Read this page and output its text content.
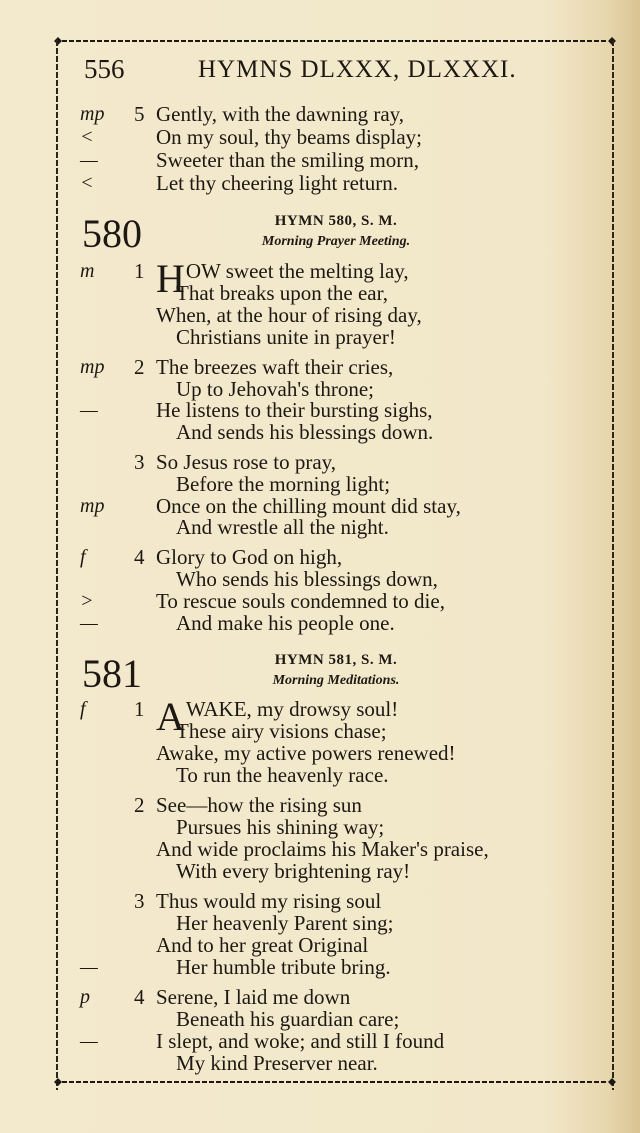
556	HYMNS DLXXX, DLXXXI.
mp	5 Gently, with the dawning ray,
<	On my soul, thy beams display;
—	Sweeter than the smiling morn,
<	Let thy cheering light return.
580	HYMN 580, S. M.
Morning Prayer Meeting.
m	1 HOW sweet the melting lay,
That breaks upon the ear,
When, at the hour of rising day,
Christians unite in prayer!
mp	2 The breezes waft their cries,
Up to Jehovah's throne;
—	He listens to their bursting sighs,
And sends his blessings down.
3 So Jesus rose to pray,
Before the morning light;
mp	Once on the chilling mount did stay,
And wrestle all the night.
f	4 Glory to God on high,
Who sends his blessings down,
>	To rescue souls condemned to die,
—	And make his people one.
581	HYMN 581, S. M.
Morning Meditations.
f	1 AWAKE, my drowsy soul!
These airy visions chase;
Awake, my active powers renewed!
To run the heavenly race.
2 See—how the rising sun
Pursues his shining way;
And wide proclaims his Maker's praise,
With every brightening ray!
3 Thus would my rising soul
Her heavenly Parent sing;
And to her great Original
—	Her humble tribute bring.
p	4 Serene, I laid me down
Beneath his guardian care;
—	I slept, and woke; and still I found
My kind Preserver near.
